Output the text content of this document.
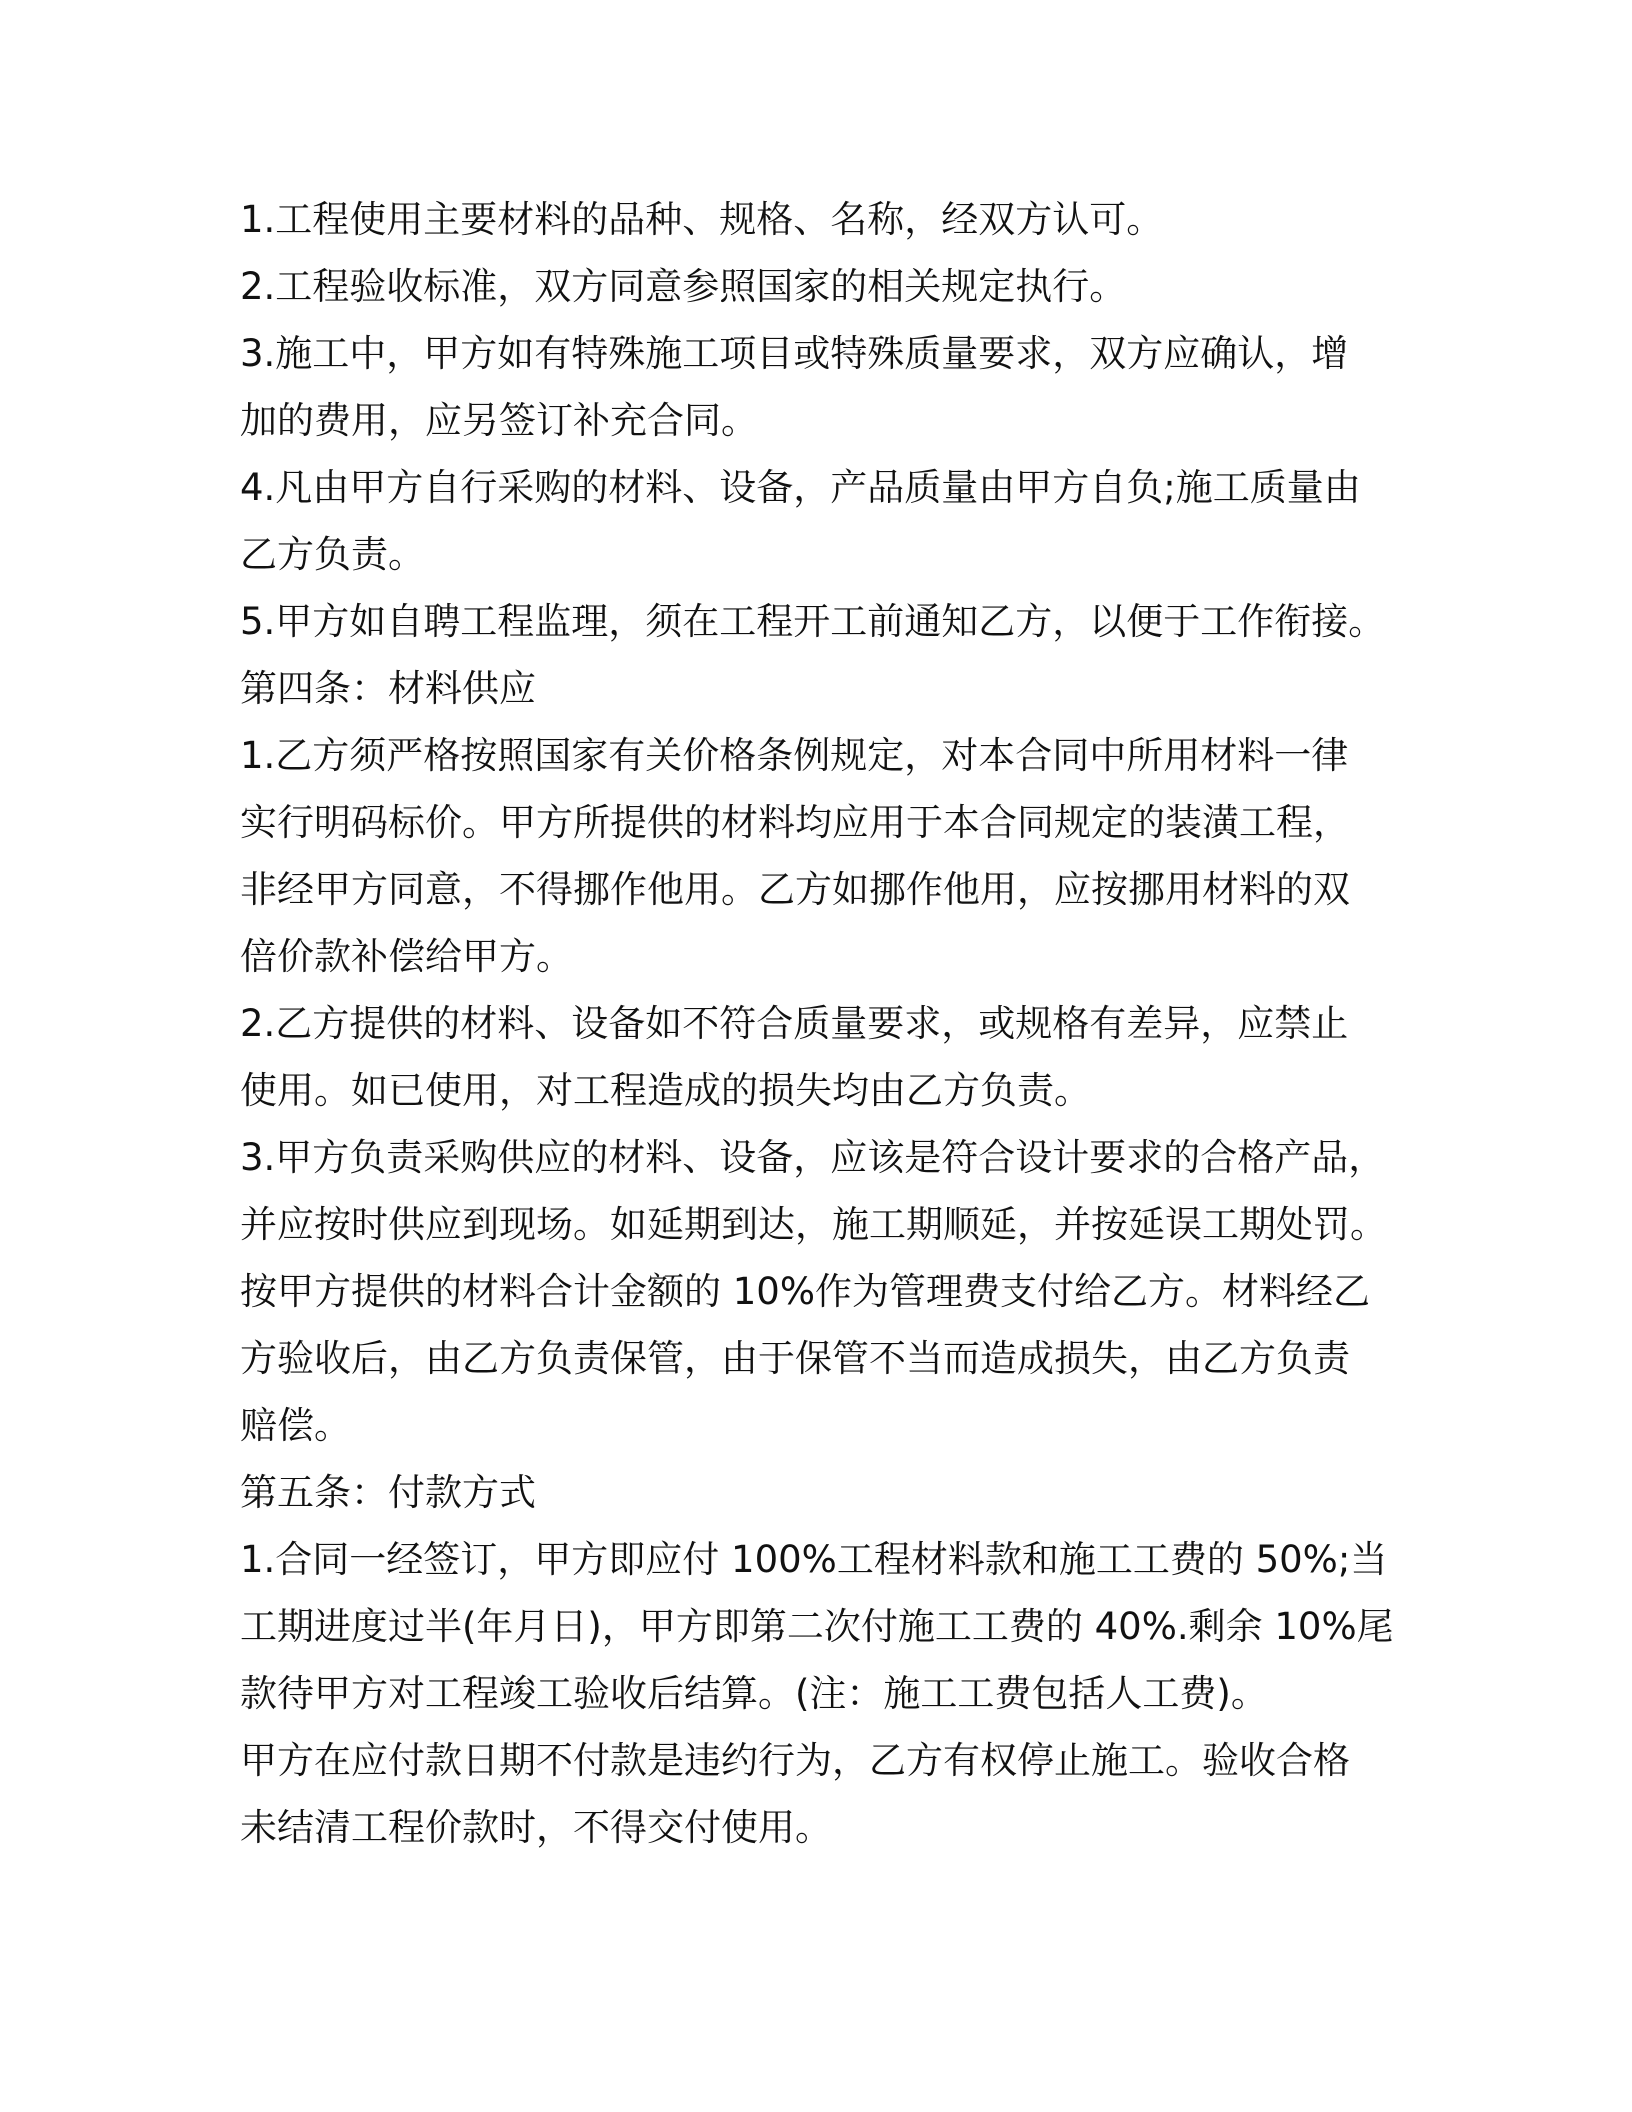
1.工程使用主要材料的品种、规格、名称，经双方认可。
2.工程验收标准，双方同意参照国家的相关规定执行。
3.施工中，甲方如有特殊施工项目或特殊质量要求，双方应确认，增
加的费用，应另签订补充合同。
4.凡由甲方自行采购的材料、设备，产品质量由甲方自负;施工质量由
乙方负责。
5.甲方如自聘工程监理，须在工程开工前通知乙方，以便于工作衔接。
第四条：材料供应
1.乙方须严格按照国家有关价格条例规定，对本合同中所用材料一律
实行明码标价。甲方所提供的材料均应用于本合同规定的装潢工程，
非经甲方同意，不得挪作他用。乙方如挪作他用，应按挪用材料的双
倍价款补偿给甲方。
2.乙方提供的材料、设备如不符合质量要求，或规格有差异，应禁止
使用。如已使用，对工程造成的损失均由乙方负责。
3.甲方负责采购供应的材料、设备，应该是符合设计要求的合格产品，
并应按时供应到现场。如延期到达，施工期顺延，并按延误工期处罚。
按甲方提供的材料合计金额的 10%作为管理费支付给乙方。材料经乙
方验收后，由乙方负责保管，由于保管不当而造成损失，由乙方负责
赔偿。
第五条：付款方式
1.合同一经签订，甲方即应付 100%工程材料款和施工工费的 50%;当
工期进度过半(年月日)，甲方即第二次付施工工费的 40%.剩余 10%尾
款待甲方对工程竣工验收后结算。(注：施工工费包括人工费)。
甲方在应付款日期不付款是违约行为，乙方有权停止施工。验收合格
未结清工程价款时，不得交付使用。
